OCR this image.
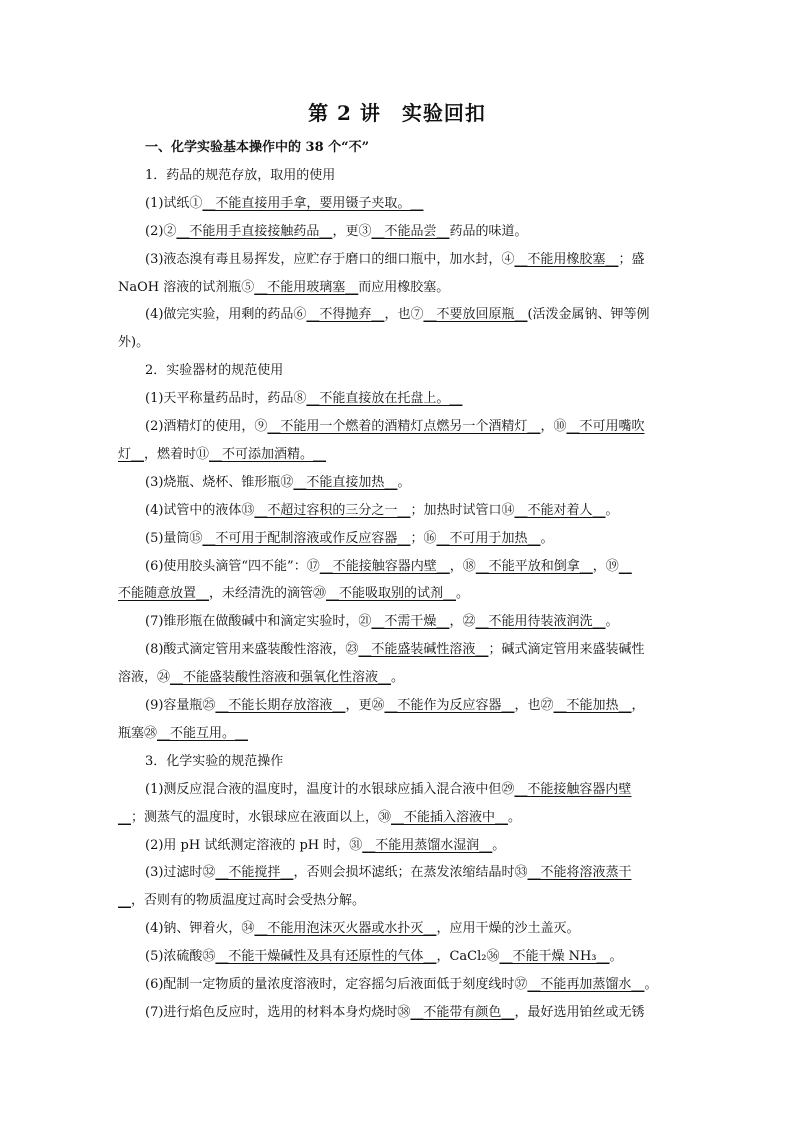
第 2 讲　实验回扣
一、化学实验基本操作中的 38 个“不”
1．药品的规范存放，取用的使用
(1)试纸①__不能直接用手拿，要用镊子夹取。__
(2)②__不能用手直接接触药品__，更③__不能品尝__药品的味道。
(3)液态溴有毒且易挥发，应贮存于磨口的细口瓶中，加水封，④__不能用橡胶塞__；盛
NaOH 溶液的试剂瓶⑤__不能用玻璃塞__而应用橡胶塞。
(4)做完实验，用剩的药品⑥__不得抛弃__，也⑦__不要放回原瓶__(活泼金属钠、钾等例
外)。
2．实验器材的规范使用
(1)天平称量药品时，药品⑧__不能直接放在托盘上。__
(2)酒精灯的使用，⑨__不能用一个燃着的酒精灯点燃另一个酒精灯__，⑩__不可用嘴吹
灯__，燃着时⑪__不可添加酒精。__
(3)烧瓶、烧杯、锥形瓶⑫__不能直接加热__。
(4)试管中的液体⑬__不超过容积的三分之一__；加热时试管口⑭__不能对着人__。
(5)量筒⑮__不可用于配制溶液或作反应容器__；⑯__不可用于加热__。
(6)使用胶头滴管“四不能”：⑰__不能接触容器内壁__，⑱__不能平放和倒拿__，⑲__
不能随意放置__，未经清洗的滴管⑳__不能吸取别的试剂__。
(7)锥形瓶在做酸碱中和滴定实验时，㉑__不需干燥__，㉒__不能用待装液润洗__。
(8)酸式滴定管用来盛装酸性溶液，㉓__不能盛装碱性溶液__；碱式滴定管用来盛装碱性
溶液，㉔__不能盛装酸性溶液和强氧化性溶液__。
(9)容量瓶㉕__不能长期存放溶液__，更㉖__不能作为反应容器__，也㉗__不能加热__，
瓶塞㉘__不能互用。__
3．化学实验的规范操作
(1)测反应混合液的温度时，温度计的水银球应插入混合液中但㉙__不能接触容器内壁
__；测蒸气的温度时，水银球应在液面以上，㉚__不能插入溶液中__。
(2)用 pH 试纸测定溶液的 pH 时，㉛__不能用蒸馏水湿润__。
(3)过滤时㉜__不能搅拌__，否则会损坏滤纸；在蒸发浓缩结晶时㉝__不能将溶液蒸干
__，否则有的物质温度过高时会受热分解。
(4)钠、钾着火，㉞__不能用泡沫灭火器或水扑灭__，应用干燥的沙土盖灭。
(5)浓硫酸㉟__不能干燥碱性及具有还原性的气体__，CaCl₂㊱__不能干燥 NH₃__。
(6)配制一定物质的量浓度溶液时，定容摇匀后液面低于刻度线时㊲__不能再加蒸馏水__。
(7)进行焰色反应时，选用的材料本身灼烧时㊳__不能带有颜色__，最好选用铂丝或无锈
